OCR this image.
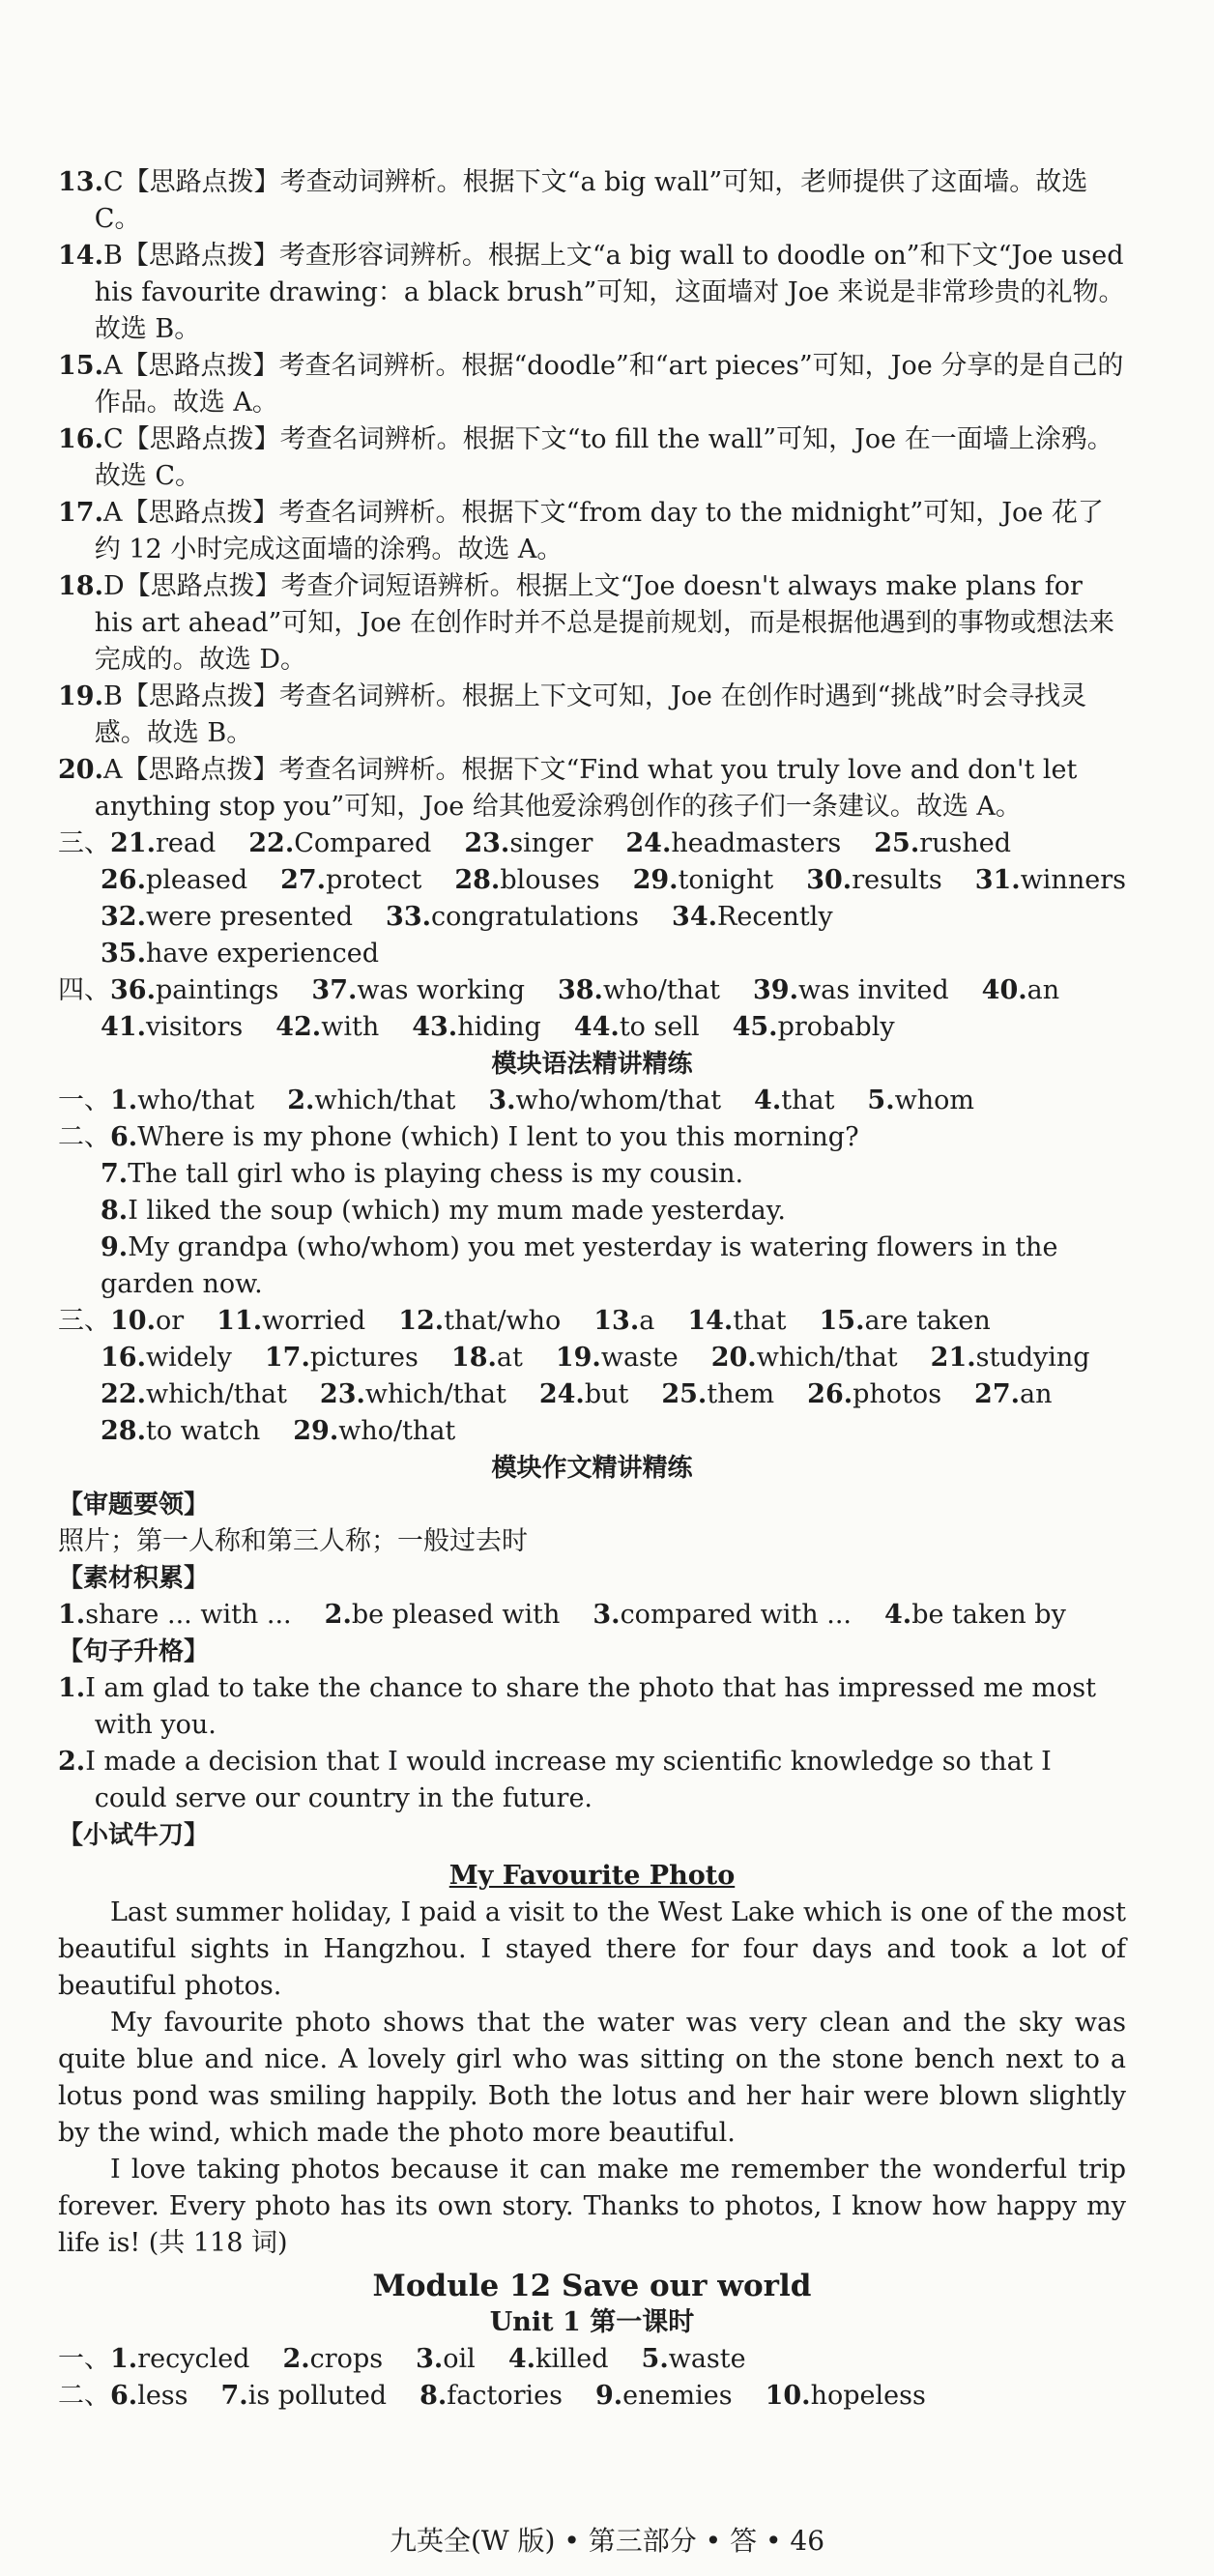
13.C【思路点拨】考查动词辨析。根据下文“a big wall”可知，老师提供了这面墙。故选 C。

14.B【思路点拨】考查形容词辨析。根据上文“a big wall to doodle on”和下文“Joe used his favourite drawing：a black brush”可知，这面墙对 Joe 来说是非常珍贵的礼物。故选 B。

15.A【思路点拨】考查名词辨析。根据“doodle”和“art pieces”可知，Joe 分享的是自己的作品。故选 A。

16.C【思路点拨】考查名词辨析。根据下文“to fill the wall”可知，Joe 在一面墙上涂鸦。故选 C。

17.A【思路点拨】考查名词辨析。根据下文“from day to the midnight”可知，Joe 花了约 12 小时完成这面墙的涂鸦。故选 A。

18.D【思路点拨】考查介词短语辨析。根据上文“Joe doesn't always make plans for his art ahead”可知，Joe 在创作时并不总是提前规划，而是根据他遇到的事物或想法来完成的。故选 D。

19.B【思路点拨】考查名词辨析。根据上下文可知，Joe 在创作时遇到“挑战”时会寻找灵感。故选 B。

20.A【思路点拨】考查名词辨析。根据下文“Find what you truly love and don't let anything stop you”可知，Joe 给其他爱涂鸦创作的孩子们一条建议。故选 A。

三、21.read 22.Compared 23.singer 24.headmasters 25.rushed

26.pleased 27.protect 28.blouses 29.tonight 30.results 31.winners

32.were presented 33.congratulations 34.Recently

35.have experienced

四、36.paintings 37.was working 38.who/that 39.was invited 40.an

41.visitors 42.with 43.hiding 44.to sell 45.probably

模块语法精讲精练

一、1.who/that 2.which/that 3.who/whom/that 4.that 5.whom

二、6.Where is my phone (which) I lent to you this morning?

7.The tall girl who is playing chess is my cousin.

8.I liked the soup (which) my mum made yesterday.

9.My grandpa (who/whom) you met yesterday is watering flowers in the garden now.

三、10.or 11.worried 12.that/who 13.a 14.that 15.are taken

16.widely 17.pictures 18.at 19.waste 20.which/that 21.studying

22.which/that 23.which/that 24.but 25.them 26.photos 27.an

28.to watch 29.who/that

模块作文精讲精练

【审题要领】

照片；第一人称和第三人称；一般过去时

【素材积累】

1.share ... with ... 2.be pleased with 3.compared with ... 4.be taken by

【句子升格】

1.I am glad to take the chance to share the photo that has impressed me most with you.

2.I made a decision that I would increase my scientific knowledge so that I could serve our country in the future.

【小试牛刀】

My Favourite Photo

Last summer holiday, I paid a visit to the West Lake which is one of the most beautiful sights in Hangzhou. I stayed there for four days and took a lot of beautiful photos.

My favourite photo shows that the water was very clean and the sky was quite blue and nice. A lovely girl who was sitting on the stone bench next to a lotus pond was smiling happily. Both the lotus and her hair were blown slightly by the wind, which made the photo more beautiful.

I love taking photos because it can make me remember the wonderful trip forever. Every photo has its own story. Thanks to photos, I know how happy my life is! (共 118 词)

Module 12 Save our world

Unit 1 第一课时

一、1.recycled 2.crops 3.oil 4.killed 5.waste

二、6.less 7.is polluted 8.factories 9.enemies 10.hopeless

九英全(W 版) • 第三部分 • 答 • 46
